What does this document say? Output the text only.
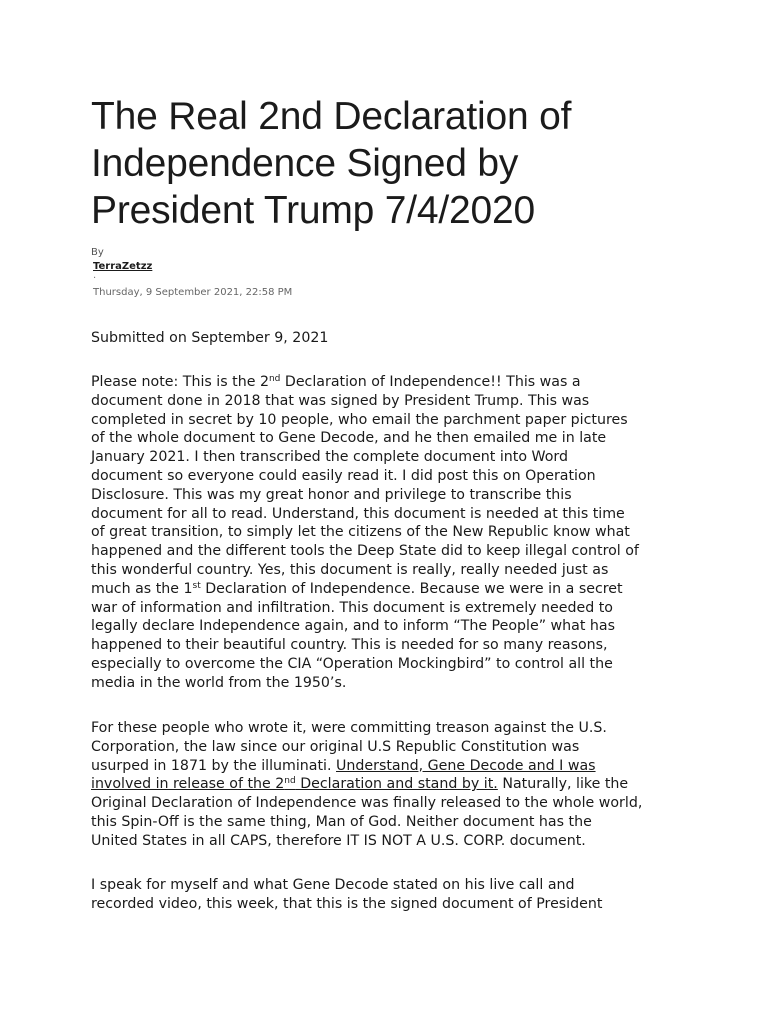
The Real 2nd Declaration of
Independence Signed by
President Trump 7/4/2020
By
TerraZetzz
·
Thursday, 9 September 2021, 22:58 PM

Submitted on September 9, 2021

Please note: This is the 2nd Declaration of Independence!! This was a
document done in 2018 that was signed by President Trump. This was
completed in secret by 10 people, who email the parchment paper pictures
of the whole document to Gene Decode, and he then emailed me in late
January 2021. I then transcribed the complete document into Word
document so everyone could easily read it. I did post this on Operation
Disclosure. This was my great honor and privilege to transcribe this
document for all to read. Understand, this document is needed at this time
of great transition, to simply let the citizens of the New Republic know what
happened and the different tools the Deep State did to keep illegal control of
this wonderful country. Yes, this document is really, really needed just as
much as the 1st Declaration of Independence. Because we were in a secret
war of information and infiltration. This document is extremely needed to
legally declare Independence again, and to inform “The People” what has
happened to their beautiful country. This is needed for so many reasons,
especially to overcome the CIA “Operation Mockingbird” to control all the
media in the world from the 1950’s.

For these people who wrote it, were committing treason against the U.S.
Corporation, the law since our original U.S Republic Constitution was
usurped in 1871 by the illuminati. Understand, Gene Decode and I was
involved in release of the 2nd Declaration and stand by it. Naturally, like the
Original Declaration of Independence was finally released to the whole world,
this Spin-Off is the same thing, Man of God. Neither document has the
United States in all CAPS, therefore IT IS NOT A U.S. CORP. document.

I speak for myself and what Gene Decode stated on his live call and
recorded video, this week, that this is the signed document of President
